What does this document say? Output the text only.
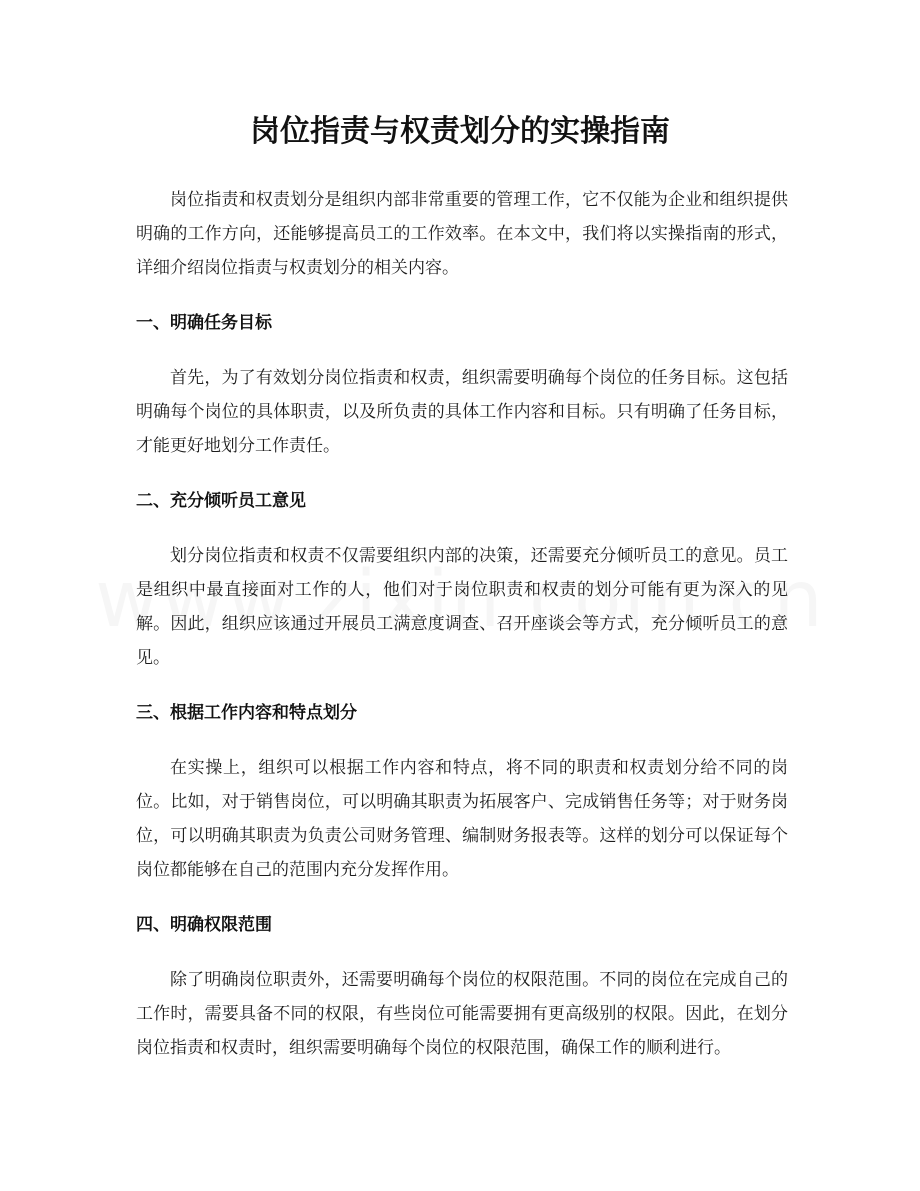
岗位指责与权责划分的实操指南

岗位指责和权责划分是组织内部非常重要的管理工作，它不仅能为企业和组织提供明确的工作方向，还能够提高员工的工作效率。在本文中，我们将以实操指南的形式，详细介绍岗位指责与权责划分的相关内容。

一、明确任务目标

首先，为了有效划分岗位指责和权责，组织需要明确每个岗位的任务目标。这包括明确每个岗位的具体职责，以及所负责的具体工作内容和目标。只有明确了任务目标，才能更好地划分工作责任。

二、充分倾听员工意见

划分岗位指责和权责不仅需要组织内部的决策，还需要充分倾听员工的意见。员工是组织中最直接面对工作的人，他们对于岗位职责和权责的划分可能有更为深入的见解。因此，组织应该通过开展员工满意度调查、召开座谈会等方式，充分倾听员工的意见。

三、根据工作内容和特点划分

在实操上，组织可以根据工作内容和特点，将不同的职责和权责划分给不同的岗位。比如，对于销售岗位，可以明确其职责为拓展客户、完成销售任务等；对于财务岗位，可以明确其职责为负责公司财务管理、编制财务报表等。这样的划分可以保证每个岗位都能够在自己的范围内充分发挥作用。

四、明确权限范围

除了明确岗位职责外，还需要明确每个岗位的权限范围。不同的岗位在完成自己的工作时，需要具备不同的权限，有些岗位可能需要拥有更高级别的权限。因此，在划分岗位指责和权责时，组织需要明确每个岗位的权限范围，确保工作的顺利进行。
